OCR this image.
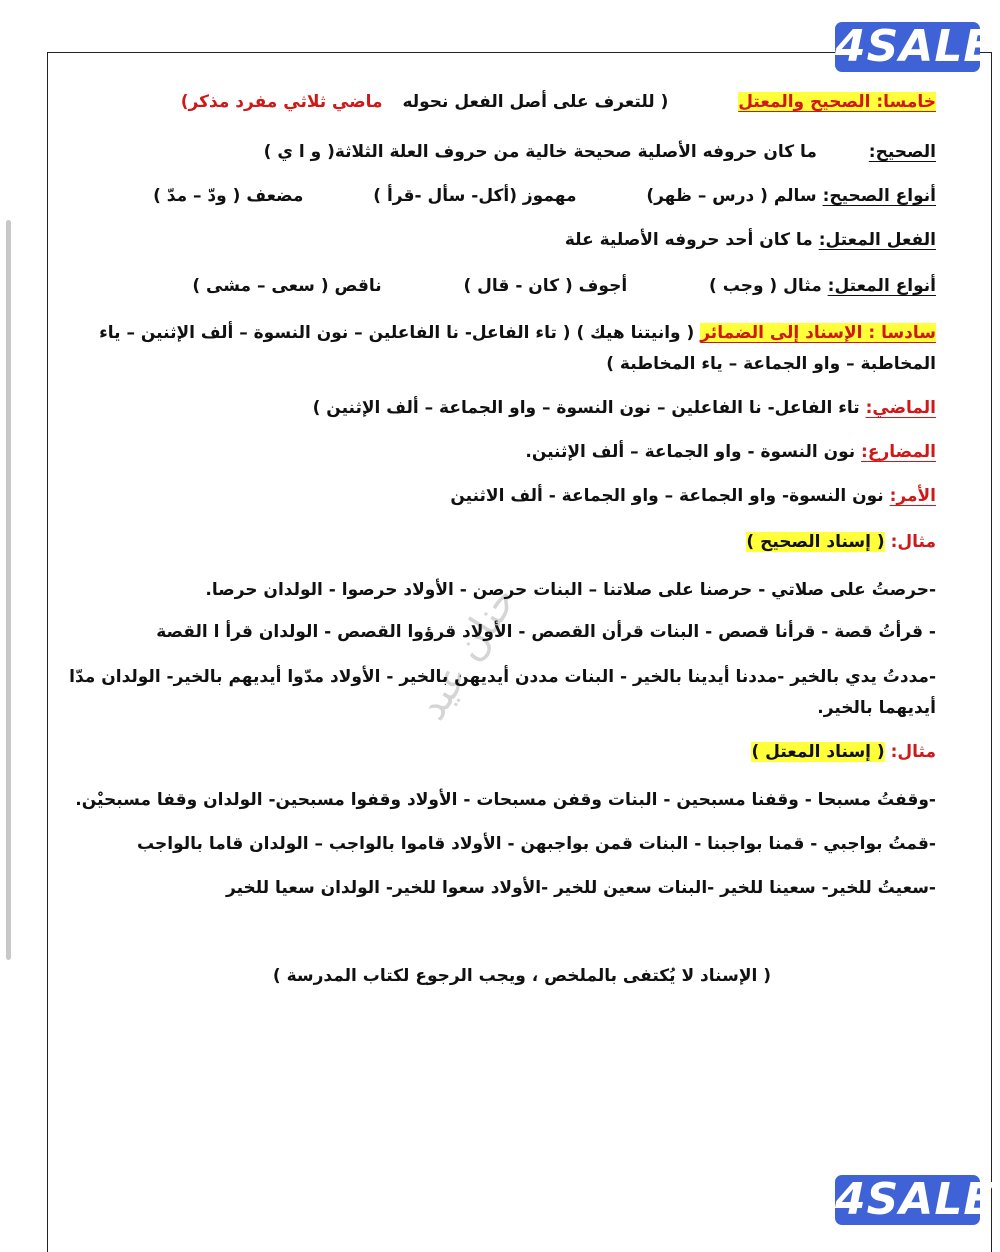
4SALE
4SALE
حنان عيد
خامسا: الصحيح والمعتل  ( للتعرف على أصل الفعل نحوله  ماضي ثلاثي مفرد مذكر)
الصحيح:  ما كان حروفه الأصلية صحيحة خالية من حروف العلة الثلاثة( و ا ي )
أنواع الصحيح: سالم ( درس – ظهر)  مهموز (أكل- سأل -قرأ )  مضعف ( ودّ – مدّ )
الفعل المعتل: ما كان أحد حروفه الأصلية علة
أنواع المعتل: مثال ( وجب )  أجوف ( كان - قال )  ناقص ( سعى – مشى )
سادسا : الإسناد إلى الضمائر ( وانيتنا هيك ) ( تاء الفاعل- نا الفاعلين – نون النسوة – ألف الإثنين – ياء المخاطبة – واو الجماعة – ياء المخاطبة )
الماضي: تاء الفاعل- نا الفاعلين – نون النسوة – واو الجماعة – ألف الإثنين )
المضارع: نون النسوة - واو الجماعة – ألف الإثنين.
الأمر: نون النسوة- واو الجماعة – واو الجماعة - ألف الاثنين
مثال: ( إسناد الصحيح )
-حرصتُ على صلاتي - حرصنا على صلاتنا – البنات حرصن - الأولاد حرصوا - الولدان حرصا.
- قرأتُ قصة - قرأنا قصص - البنات قرأن القصص - الأولاد قرؤوا القصص - الولدان قرأ ا القصة
-مددتُ يدي بالخير -مددنا أيدينا بالخير - البنات مددن أيديهن بالخير - الأولاد مدّوا أيديهم بالخير- الولدان مدّا أيديهما بالخير.
مثال: ( إسناد المعتل )
-وقفتُ مسبحا - وقفنا مسبحين - البنات وقفن مسبحات - الأولاد وقفوا مسبحين- الولدان وقفا مسبحيْن.
-قمتُ بواجبي - قمنا بواجبنا - البنات قمن بواجبهن - الأولاد قاموا بالواجب – الولدان قاما بالواجب
-سعيتُ للخير- سعينا للخير -البنات سعين للخير -الأولاد سعوا للخير- الولدان سعيا للخير
( الإسناد لا يُكتفى بالملخص ، ويجب الرجوع لكتاب المدرسة )
